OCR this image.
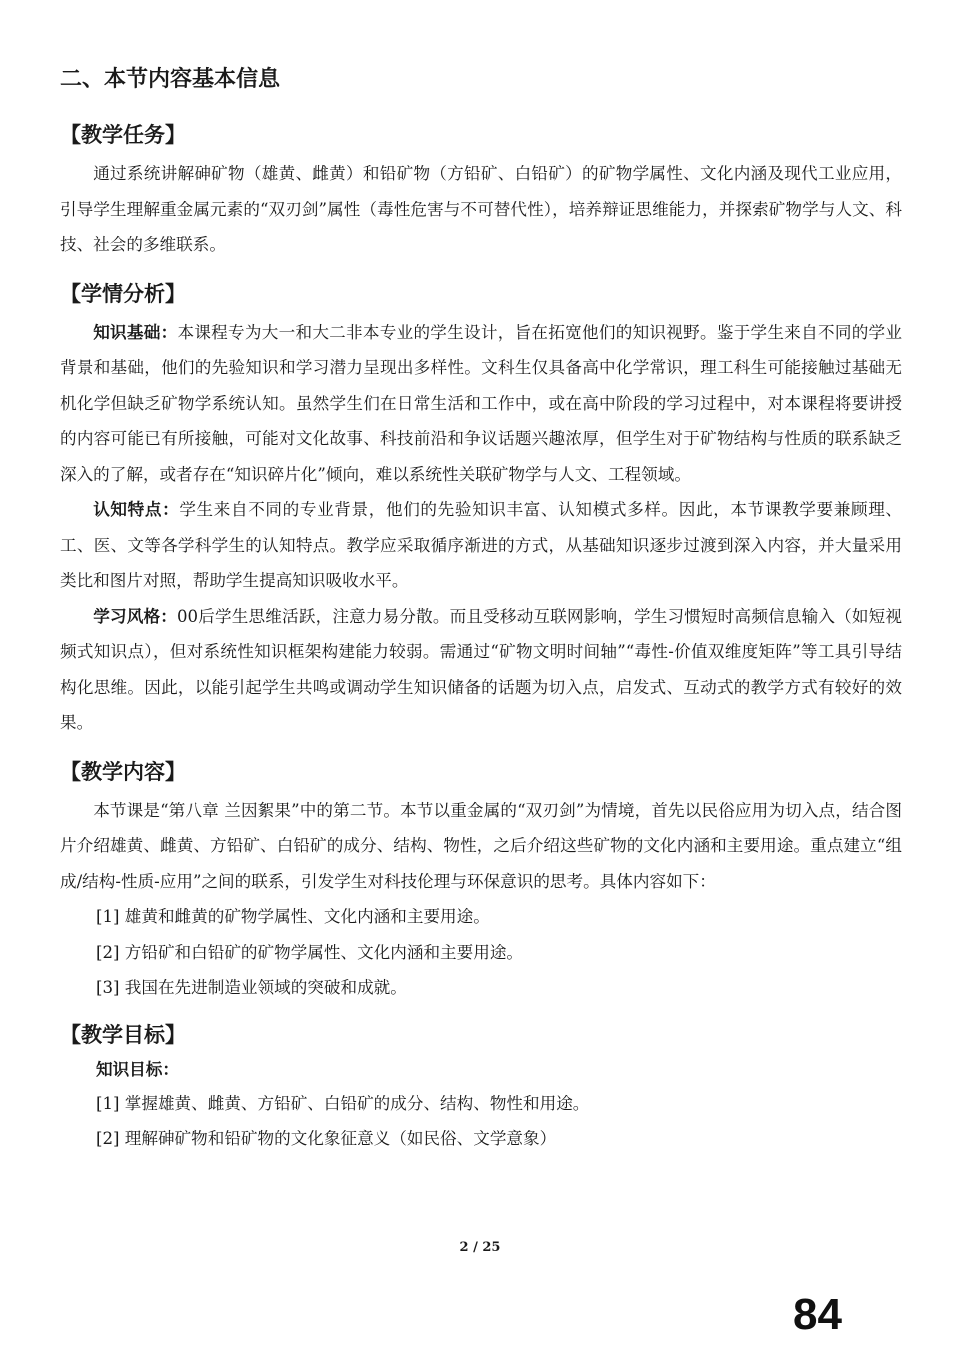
二、本节内容基本信息
【教学任务】

通过系统讲解砷矿物（雄黄、雌黄）和铅矿物（方铅矿、白铅矿）的矿物学属性、文化内涵及现代工业应用，引导学生理解重金属元素的“双刃剑”属性（毒性危害与不可替代性），培养辩证思维能力，并探索矿物学与人文、科技、社会的多维联系。

【学情分析】

知识基础：本课程专为大一和大二非本专业的学生设计，旨在拓宽他们的知识视野。鉴于学生来自不同的学业背景和基础，他们的先验知识和学习潜力呈现出多样性。文科生仅具备高中化学常识，理工科生可能接触过基础无机化学但缺乏矿物学系统认知。虽然学生们在日常生活和工作中，或在高中阶段的学习过程中，对本课程将要讲授的内容可能已有所接触，可能对文化故事、科技前沿和争议话题兴趣浓厚，但学生对于矿物结构与性质的联系缺乏深入的了解，或者存在“知识碎片化”倾向，难以系统性关联矿物学与人文、工程领域。

认知特点：学生来自不同的专业背景，他们的先验知识丰富、认知模式多样。因此，本节课教学要兼顾理、工、医、文等各学科学生的认知特点。教学应采取循序渐进的方式，从基础知识逐步过渡到深入内容，并大量采用类比和图片对照，帮助学生提高知识吸收水平。

学习风格：00后学生思维活跃，注意力易分散。而且受移动互联网影响，学生习惯短时高频信息输入（如短视频式知识点），但对系统性知识框架构建能力较弱。需通过“矿物文明时间轴”“毒性-价值双维度矩阵”等工具引导结构化思维。因此，以能引起学生共鸣或调动学生知识储备的话题为切入点，启发式、互动式的教学方式有较好的效果。

【教学内容】

本节课是“第八章 兰因絮果”中的第二节。本节以重金属的“双刃剑”为情境，首先以民俗应用为切入点，结合图片介绍雄黄、雌黄、方铅矿、白铅矿的成分、结构、物性，之后介绍这些矿物的文化内涵和主要用途。重点建立“组成/结构-性质-应用”之间的联系，引发学生对科技伦理与环保意识的思考。具体内容如下：

[1] 雄黄和雌黄的矿物学属性、文化内涵和主要用途。
[2] 方铅矿和白铅矿的矿物学属性、文化内涵和主要用途。
[3] 我国在先进制造业领域的突破和成就。
【教学目标】

知识目标：

[1] 掌握雄黄、雌黄、方铅矿、白铅矿的成分、结构、物性和用途。
[2] 理解砷矿物和铅矿物的文化象征意义（如民俗、文学意象）
2 / 25
84
